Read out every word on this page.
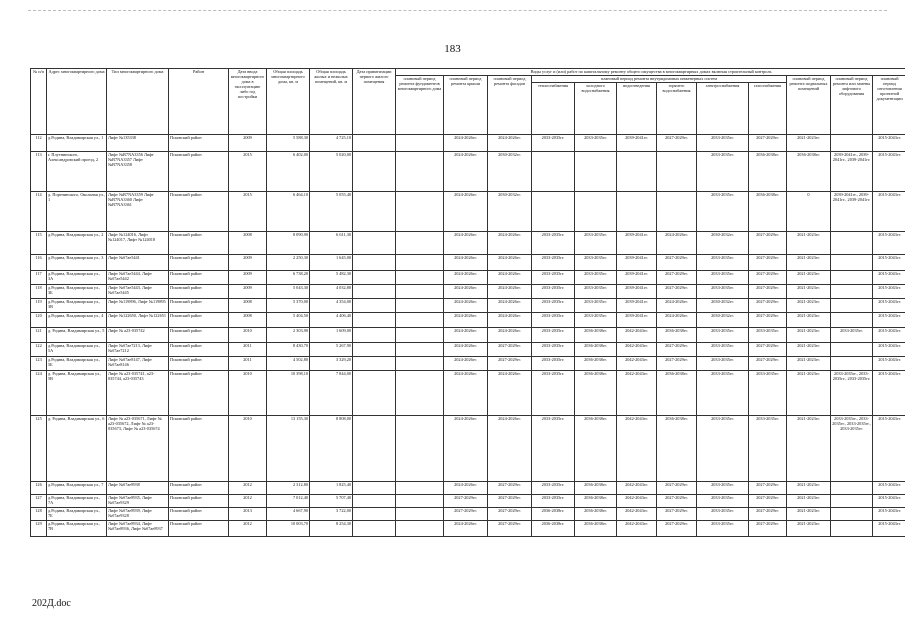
183
№ п/п	Адрес многоквартирного дома	Тип многоквартирного дома	Район	Дата ввода многоквартирного дома в эксплуатацию либо год постройки	Общая площадь многоквартирного дома, кв. м	Общая площадь жилых и нежилых помещений, кв. м	Дата приватизации первого жилого помещения	Виды услуг и (или) работ по капитальному ремонту общего имущества в многоквартирных домах включая строительный контроль											
								плановый период ремонта фундаментов многоквартирного дома	плановый период ремонта крыши	плановый период ремонта фасадов	плановый период ремонта внутридомовых инженерных систем						плановый период ремонта подвальных помещений	плановый период ремонта или замены лифтового оборудования	плановый период изготовления проектной документации
											теплоснабжения	холодного водоснабжения	водоотведения	горячего водоснабжения	электроснабжения	газоснабжения			
112	д.Родина, Владимирская ул., 1	Лифт №135338	Псковский район	2009	5 588,30	4 725,10			2024-2026гг.	2024-2026гг.	2033-2035гг.	2033-2035гг.	2039-2041гг.	2027-2029гг.	2033-2035гг.	2027-2029гг.	2021-2023гг.		2015-2043гг.
113	г. Плутнинского, Александровский проезд, 2	Лифт №В7NA3356 Лифт №В7NA3357 Лифт №В7NA3358	Псковский район	2015	6 402,00	5 020,00			2024-2026гг.	2030-2032гг.					2033-2035гг.	2036-2038гг.	2036-2038гг.	2039-2041гг., 2039-2041гг., 2039-2041гг.	2015-2043гг.
114	д. Портнинского, Окольная ул., 1	Лифт №В7NA3359 Лифт №В7NA3360 Лифт №В7NA3361	Псковский район	2015	6 464,10	5 055,40			2024-2026гг.	2030-2032гг.					2033-2035гг.	2036-2038гг.	0	2039-2041гг., 2039-2041гг., 2039-2041гг.	2015-2043гг.
115	д.Родина, Владимирская ул., 2	Лифт №124016, Лифт №124017, Лифт №124018	Псковский район	2008	8 090,90	6 611,30			2024-2026гг.	2024-2026гг.	2033-2035гг.	2033-2035гг.	2039-2041гг.	2024-2026гг.	2030-2032гг.	2027-2029гг.	2021-2023гг.		2015-2043гг.
116	д.Родина, Владимирская ул., 3	Лифт №б7ае5441	Псковский район	2009	2 250,30	1 645,00			2024-2026гг.	2024-2026гг.	2033-2035гг.	2033-2035гг.	2039-2041гг.	2027-2029гг.	2033-2035гг.	2027-2029гг.	2021-2023гг.		2015-2043гг.
117	д.Родина, Владимирская ул., 3А	Лифт №б7ае5444, Лифт №б7ае5442	Псковский район	2009	6 738,20	5 482,30			2024-2026гг.	2024-2026гг.	2033-2035гг.	2033-2035гг.	2039-2041гг.	2027-2029гг.	2033-2035гг.	2027-2029гг.	2021-2023гг.		2015-2043гг.
118	д.Родина, Владимирская ул., 3Б	Лифт №б7ае5443, Лифт №б7ае5445	Псковский район	2009	5 043,30	4 032,80			2024-2026гг.	2024-2026гг.	2033-2035гг.	2033-2035гг.	2039-2041гг.	2027-2029гг.	2033-2035гг.	2027-2029гг.	2021-2023гг.		2015-2043гг.
119	д.Родина, Владимирская ул., 3В	Лифт №119896, Лифт №119895	Псковский район	2008	5 370,00	4 354,00			2024-2026гг.	2024-2026гг.	2033-2035гг.	2033-2035гг.	2039-2041гг.	2024-2026гг.	2030-2032гг.	2027-2029гг.	2021-2023гг.		2015-2043гг.
120	д.Родина, Владимирская ул., 4	Лифт №122650, Лифт №122651	Псковский район	2008	5 404,50	4 406,40			2024-2026гг.	2024-2026гг.	2033-2035гг.	2033-2035гг.	2039-2041гг.	2024-2026гг.	2030-2032гг.	2027-2029гг.	2021-2023гг.		2015-2043гг.
121	д. Родина, Владимирская ул., 5	Лифт № а23-035742	Псковский район	2010	2 303,90	1 609,00			2024-2026гг.	2024-2026гг.	2033-2035гг.	2036-2038гг.	2042-2043гг.	2036-2038гг.	2033-2035гг.	2033-2035гг.	2021-2023гг.	2033-2035гг.	2015-2043гг.
122	д.Родина, Владимирская ул., 5А	Лифт №б7ае7213, Лифт №б7ае7212	Псковский район	2011	8 430,70	5 267,90			2024-2026гг.	2027-2029гг.	2033-2035гг.	2036-2038гг.	2042-2043гг.	2027-2029гг.	2033-2035гг.	2027-2029гг.	2021-2023гг.		2015-2043гг.
123	д.Родина, Владимирская ул., 5Б	Лифт №б7ае8147, Лифт №б7ае8146	Псковский район	2011	4 502,80	3 329,20			2024-2026гг.	2027-2029гг.	2033-2035гг.	2036-2038гг.	2042-2043гг.	2027-2029гг.	2033-2035гг.	2027-2029гг.	2021-2023гг.		2015-2043гг.
124	д. Родина, Владимирская ул., 5В	Лифт № а23-035741, а23-035744, а23-035743	Псковский район	2010	10 398,10	7 844,00			2024-2026гг.	2024-2026гг.	2033-2035гг.	2036-2038гг.	2042-2043гг.	2036-2038гг.	2033-2035гг.	2033-2035гг.	2021-2023гг.	2033-2035гг., 2033-2035гг., 2033-2035гг.	2015-2043гг.
125	д. Родина, Владимирская ул., 6	Лифт № а23-035671, Лифт № а23-035672, Лифт № а23-035673, Лифт № а23-035674	Псковский район	2010	13 155,30	8 808,00			2024-2026гг.	2024-2026гг.	2033-2035гг.	2036-2038гг.	2042-2043гг.	2036-2038гг.	2033-2035гг.	2033-2035гг.	2021-2023гг.	2033-2035гг., 2033-2035гг., 2033-2035гг., 2033-2035гг.	2015-2043гг.
126	д.Родина, Владимирская ул., 7	Лифт №б7ае8938	Псковский район	2012	2 312,80	1 825,40			2024-2026гг.	2027-2029гг.	2033-2035гг.	2036-2038гг.	2042-2043гг.	2027-2029гг.	2033-2035гг.	2027-2029гг.	2021-2023гг.		2015-2043гг.
127	д.Родина, Владимирская ул., 7А	Лифт №б7ае8935, Лифт №б7ае9329	Псковский район	2012	7 012,40	5 707,40			2027-2029гг.	2027-2029гг.	2033-2035гг.	2036-2038гг.	2042-2043гг.	2027-2029гг.	2033-2035гг.	2027-2029гг.	2021-2023гг.		2015-2043гг.
128	д.Родина, Владимирская ул., 7Б	Лифт №б7ае8939, Лифт №б7ае9328	Псковский район	2013	4 667,90	3 722,00			2027-2029гг.	2027-2029гг.	2036-2038гг.	2036-2038гг.	2042-2043гг.	2027-2029гг.	2033-2035гг.	2027-2029гг.	2021-2023гг.		2015-2043гг.
129	д.Родина, Владимирская ул., 7В	Лифт №б7ае8934, Лифт №б7ае8936, Лифт №б7ае8937	Псковский район	2012	10 003,70	8 254,30			2024-2026гг.	2027-2029гг.	2036-2038гг.	2036-2038гг.	2042-2043гг.	2027-2029гг.	2033-2035гг.	2027-2029гг.	2021-2023гг.		2015-2043гг.
202Д.doc
